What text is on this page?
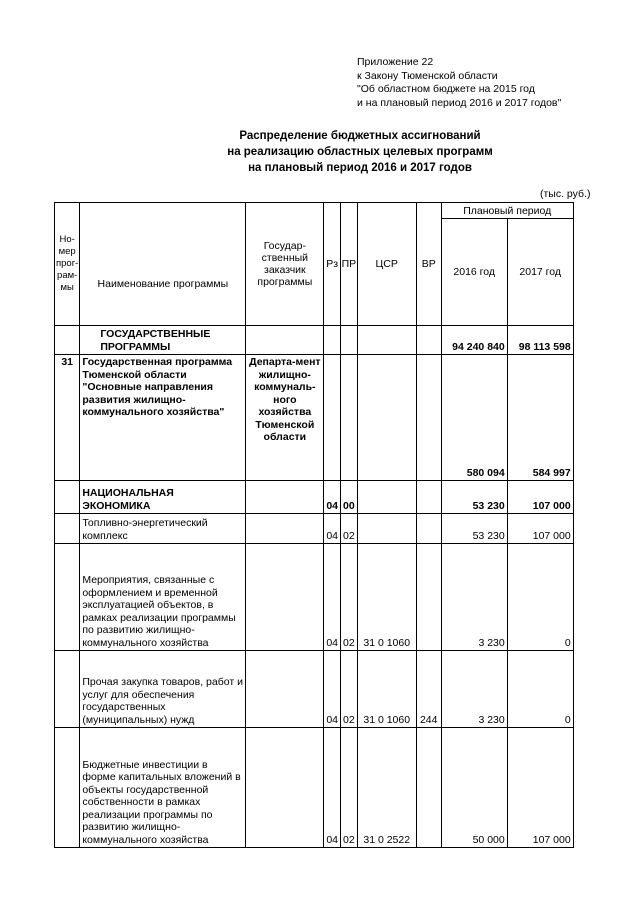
Приложение 22
к Закону Тюменской области
"Об областном бюджете на 2015 год
и на плановый период 2016 и 2017 годов"
Распределение бюджетных ассигнований
на реализацию областных целевых программ
на плановый период 2016 и 2017 годов
(тыс. руб.)
Но-мер прог-рам-мы	Наименование программы	Государ-ственный заказчик программы	Рз	ПР	ЦСР	ВР	Плановый период	
							2016 год	2017 год
	ГОСУДАРСТВЕННЫЕ ПРОГРАММЫ						94 240 840	98 113 598
31	Государственная программа Тюменской области "Основные направления развития жилищно-коммунального хозяйства"	Департа-мент жилищно-коммуналь-ного хозяйства Тюменской области					580 094	584 997
	НАЦИОНАЛЬНАЯ ЭКОНОМИКА		04	00			53 230	107 000
	Топливно-энергетический комплекс		04	02			53 230	107 000
	Мероприятия, связанные с оформлением и временной эксплуатацией объектов, в рамках реализации программы по развитию жилищно-коммунального хозяйства		04	02	31 0 1060		3 230	0
	Прочая закупка товаров, работ и услуг для обеспечения государственных (муниципальных) нужд		04	02	31 0 1060	244	3 230	0
	Бюджетные инвестиции в форме капитальных вложений в объекты государственной собственности в рамках реализации программы по развитию жилищно-коммунального хозяйства		04	02	31 0 2522		50 000	107 000
